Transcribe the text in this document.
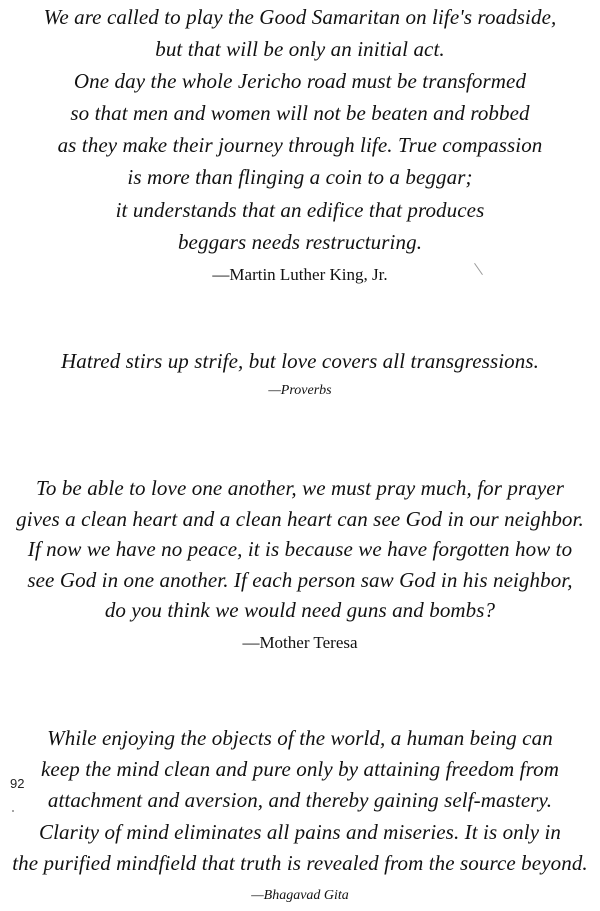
We are called to play the Good Samaritan on life's roadside,
but that will be only an initial act.
One day the whole Jericho road must be transformed
so that men and women will not be beaten and robbed
as they make their journey through life. True compassion
is more than flinging a coin to a beggar;
it understands that an edifice that produces
beggars needs restructuring.
—Martin Luther King, Jr.
Hatred stirs up strife, but love covers all transgressions.
—Proverbs
To be able to love one another, we must pray much, for prayer
gives a clean heart and a clean heart can see God in our neighbor.
If now we have no peace, it is because we have forgotten how to
see God in one another. If each person saw God in his neighbor,
do you think we would need guns and bombs?
—Mother Teresa
While enjoying the objects of the world, a human being can
keep the mind clean and pure only by attaining freedom from
attachment and aversion, and thereby gaining self-mastery.
Clarity of mind eliminates all pains and miseries. It is only in
the purified mindfield that truth is revealed from the source beyond.
—Bhagavad Gita
92
